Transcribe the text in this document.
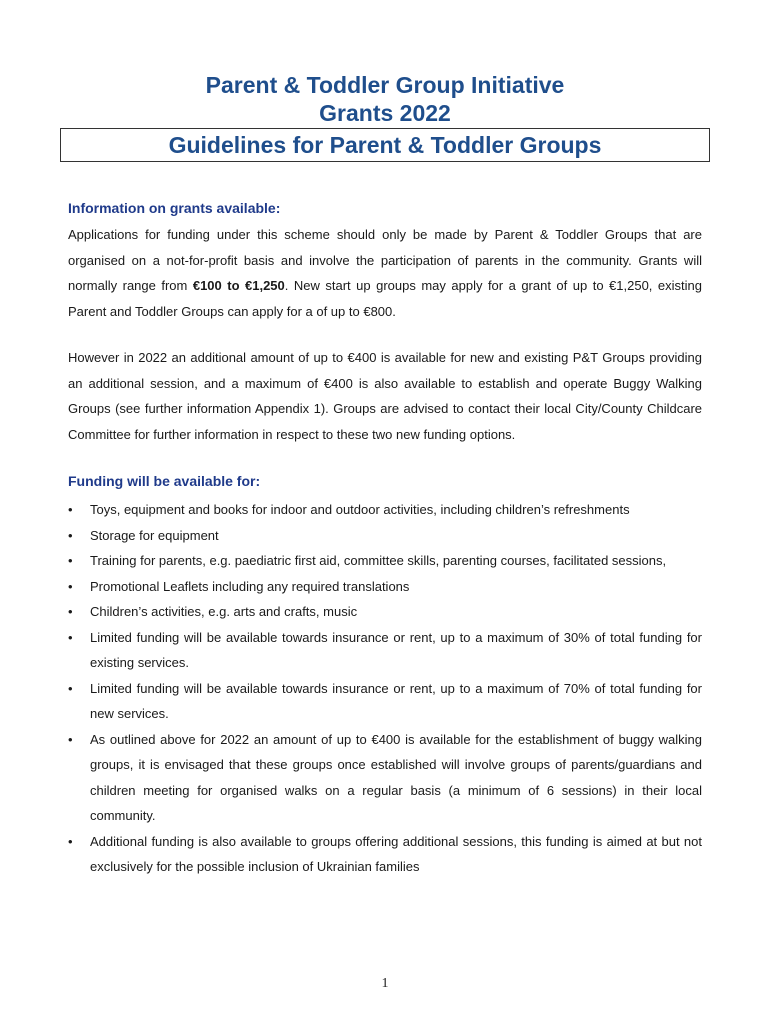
Parent & Toddler Group Initiative
Grants 2022
Guidelines for Parent & Toddler Groups
Information on grants available:
Applications for funding under this scheme should only be made by Parent & Toddler Groups that are organised on a not-for-profit basis and involve the participation of parents in the community. Grants will normally range from €100 to €1,250. New start up groups may apply for a grant of up to €1,250, existing Parent and Toddler Groups can apply for a of up to €800.
However in 2022 an additional amount of up to €400 is available for new and existing P&T Groups providing an additional session, and a maximum of €400 is also available to establish and operate Buggy Walking Groups (see further information Appendix 1). Groups are advised to contact their local City/County Childcare Committee for further information in respect to these two new funding options.
Funding will be available for:
•	Toys, equipment and books for indoor and outdoor activities, including children’s refreshments
•	Storage for equipment
•	Training for parents, e.g. paediatric first aid, committee skills, parenting courses, facilitated sessions,
•	Promotional Leaflets including any required translations
•	Children’s activities, e.g. arts and crafts, music
•	Limited funding will be available towards insurance or rent, up to a maximum of 30% of total funding for existing services.
•	Limited funding will be available towards insurance or rent, up to a maximum of 70% of total funding for new services.
•	As outlined above for 2022 an amount of up to €400 is available for the establishment of buggy walking groups, it is envisaged that these groups once established will involve groups of parents/guardians and children meeting for organised walks on a regular basis (a minimum of 6 sessions) in their local community.
•	Additional funding is also available to groups offering additional sessions, this funding is aimed at but not exclusively for the possible inclusion of Ukrainian families
1
